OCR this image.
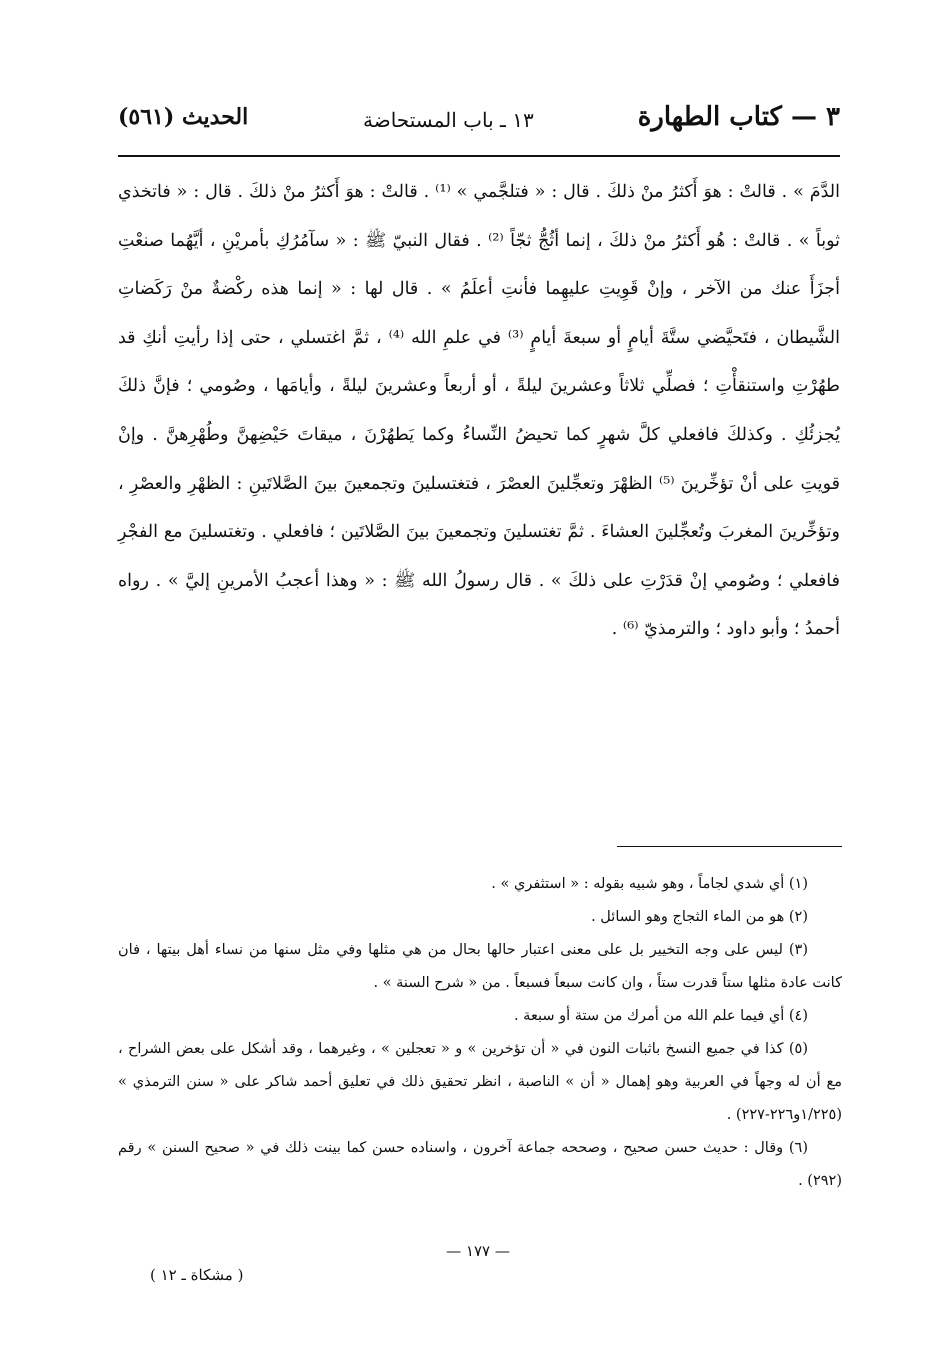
٣ — كتاب الطهارة
١٣ ـ باب المستحاضة
الحديث (٥٦١)

الدَّمَ » . قالتْ : هوَ أَكثرُ منْ ذلكَ . قال : « فتلجَّمي » ⁽¹⁾ . قالتْ : هوَ أَكثرُ منْ ذلكَ . قال : « فاتخذي ثوباً » . قالتْ : هُو أَكثرُ منْ ذلكَ ، إنما أثُجُّ ثجّاً ⁽²⁾ . فقال النبيّ ﷺ : « سآمُرُكِ بأمريْنِ ، أيَّهُما صنعْتِ أجزَأَ عنك من الآخر ، وإنْ قَوِيتِ عليهِما فأنتِ أعلَمُ » . قال لها : « إنما هذه ركْضةٌ منْ رَكَضاتِ الشَّيطان ، فتَحيَّضي ستَّةَ أيامٍ أو سبعةَ أيامٍ ⁽³⁾ في علمِ الله ⁽⁴⁾ ، ثمَّ اغتسلي ، حتى إذا رأيتِ أنكِ قد طهُرْتِ واستنقأْتِ ؛ فصلِّي ثلاثاً وعشرينَ ليلةً ، أو أربعاً وعشرينَ ليلةً ، وأيامَها ، وصُومي ؛ فإنَّ ذلكَ يُجزئُكِ . وكذلكَ فافعلي كلَّ شهرٍ كما تحيضُ النِّساءُ وكما يَطهُرْنَ ، ميقاتَ حَيْضِهنَّ وطُهْرِهنَّ . وإنْ قويتِ على أنْ تؤخِّرينَ ⁽⁵⁾ الظهْرَ وتعجِّلينَ العصْرَ ، فتغتسلينَ وتجمعينَ بينَ الصَّلاتَينِ : الظهْرِ والعصْرِ ، وتؤخِّرينَ المغربَ وتُعجِّلينَ العشاءَ . ثمَّ تغتسلينَ وتجمعينَ بينَ الصَّلاتَين ؛ فافعلي . وتغتسلينَ مع الفجْرِ فافعلي ؛ وصُومي إنْ قدَرْتِ على ذلكَ » . قال رسولُ الله ﷺ : « وهذا أعجبُ الأمرينِ إليَّ » . رواه أحمدُ ؛ وأبو داود ؛ والترمذيّ ⁽⁶⁾ .

(١) أي شدي لجاماً ، وهو شبيه بقوله : « استثفري » .

(٢) هو من الماء الثجاج وهو السائل .

(٣) ليس على وجه التخيير بل على معنى اعتبار حالها بحال من هي مثلها وفي مثل سنها من نساء أهل بيتها ، فان كانت عادة مثلها ستاً قدرت ستاً ، وان كانت سبعاً فسبعاً . من « شرح السنة » .

(٤) أي فيما علم الله من أمرك من ستة أو سبعة .

(٥) كذا في جميع النسخ باثبات النون في « أن تؤخرين » و « تعجلين » ، وغيرهما ، وقد أشكل على بعض الشراح ، مع أن له وجهاً في العربية وهو إهمال « أن » الناصبة ، انظر تحقيق ذلك في تعليق أحمد شاكر على « سنن الترمذي » (١/٢٢٥و٢٢٦-٢٢٧) .

(٦) وقال : حديث حسن صحيح ، وصححه جماعة آخرون ، واسناده حسن كما بينت ذلك في « صحيح السنن » رقم (٢٩٢) .

— ١٧٧ —
( مشكاة ـ ١٢ )
